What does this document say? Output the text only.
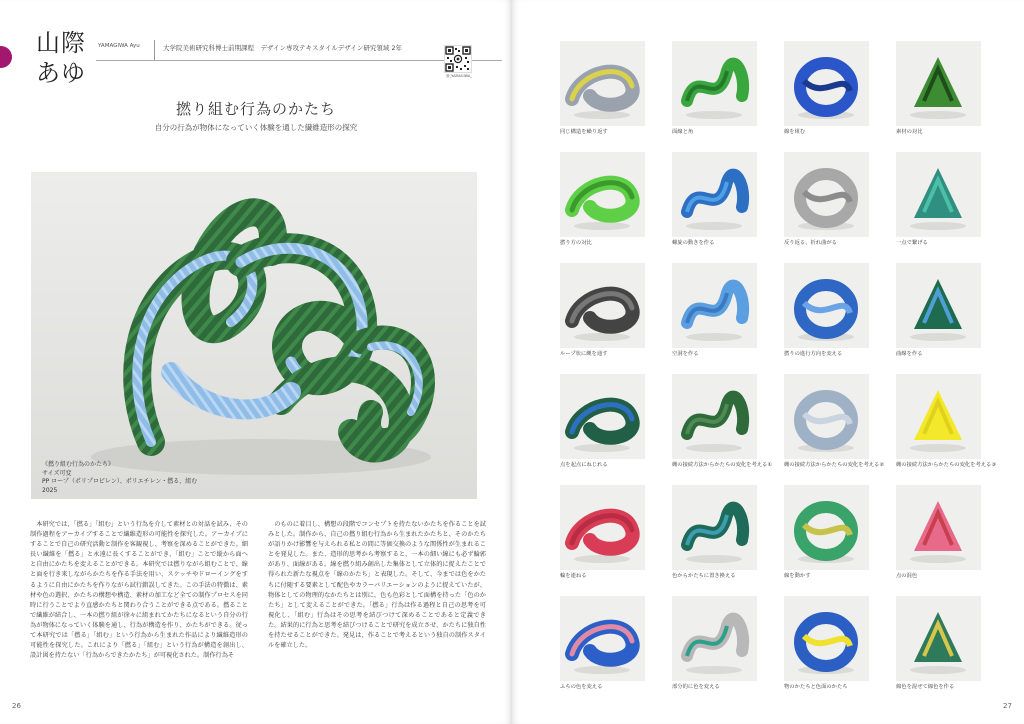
山際
あゆ
YAMAGIWA Ayu	大学院美術研究科博士前期課程　デザイン専攻テキスタイルデザイン研究領域 2年
@_YAMAGIWA_
撚り組む行為のかたち
自分の行為が物体になっていく体験を通した繊維造形の探究
《撚り組む行為のかたち》
サイズ可変
PP ロープ（ポリプロピレン）、ポリエチレン・撚る、組む
2025

本研究では、「撚る」「組む」という行為を介して素材との対話を試み、その制作過程をアーカイブすることで繊維造形の可能性を探究した。アーカイブにすることで自己の研究活動と制作を客観視し、考察を深めることができた。細長い繊維を「撚る」と永遠に長くすることができ、「組む」ことで縦から面へと自由にかたちを変えることができる。本研究では撚りながら組むことで、線と面を行き来しながらかたちを作る手法を用い、スケッチやドローイングをするように自由にかたちを作りながら試行錯誤してきた。この手法の特徴は、素材や色の選択、かたちの構想や構造、素材の加工など全ての制作プロセスを同時に行うことでより直感かたちと関わり合うことができる点である。撚ることで繊維が結合し、一本の撚り組が徐々に組まれてかたちになるという自分の行為が物体になっていく体験を通し、行為が構造を作り、かたちができる。従って本研究では「撚る」「組む」という行為から生まれた作品により繊維造形の可能性を探究した。これにより「撚る」「組む」という行為が構造を創出し、設計図を持たない「行為からできたかたち」が可視化された。制作行為そ

のものに着目し、構想の段階でコンセプトを持たないかたちを作ることを試みとした。制作から、自己の撚り組む行為から生まれたかたちと、そのかたちが語りかけ影響を与えられる私との間に等価交換のような関係性が生まれることを発見した。また、造形的思考から考察すると、一本の細い線にも必ず輪郭があり、面線がある。線を撚り組み創出した集体として立体的に捉えたことで得られた新たな視点を「線のかたち」と表現した。そして、今までは色をかたちに付随する要素として配色やカラーバリエーションのように捉えていたが、物体としての物理的なかたちとは別に、色も色彩として面構を持った「色のかたち」として変えることができた。「撚る」行為は作る過程と自己の思考を可視化し、「組む」行為はその思考を結びつけて深めることであると定義できた。結果的に行為と思考を結びつけることで研究を成立させ、かたちに独自性を持たせることができた。発見は、作ることで考えるという独自の制作スタイルを確立した。

26
同じ構造を繰り返す	面線と角	線を組む	素材の対比
撚り方の対比	螺旋の動きを作る	反り返る、折れ曲がる	一点で繋げる
ループ状に縄を通す	空洞を作る	撚りの進行方向を変える	曲線を作る
点を起点にねじれる	縄の接続方法からかたちの変化を考える① 縄の接続方法からかたちの変化を考える② 縄の接続方法からかたちの変化を考える③
輪を連ねる	色からかたちに置き換える	線を動かす	点の混色
ふちの色を変える	部分的に色を変える	物のかたちと色面のかたち	線色を混ぜて線色を作る
27
